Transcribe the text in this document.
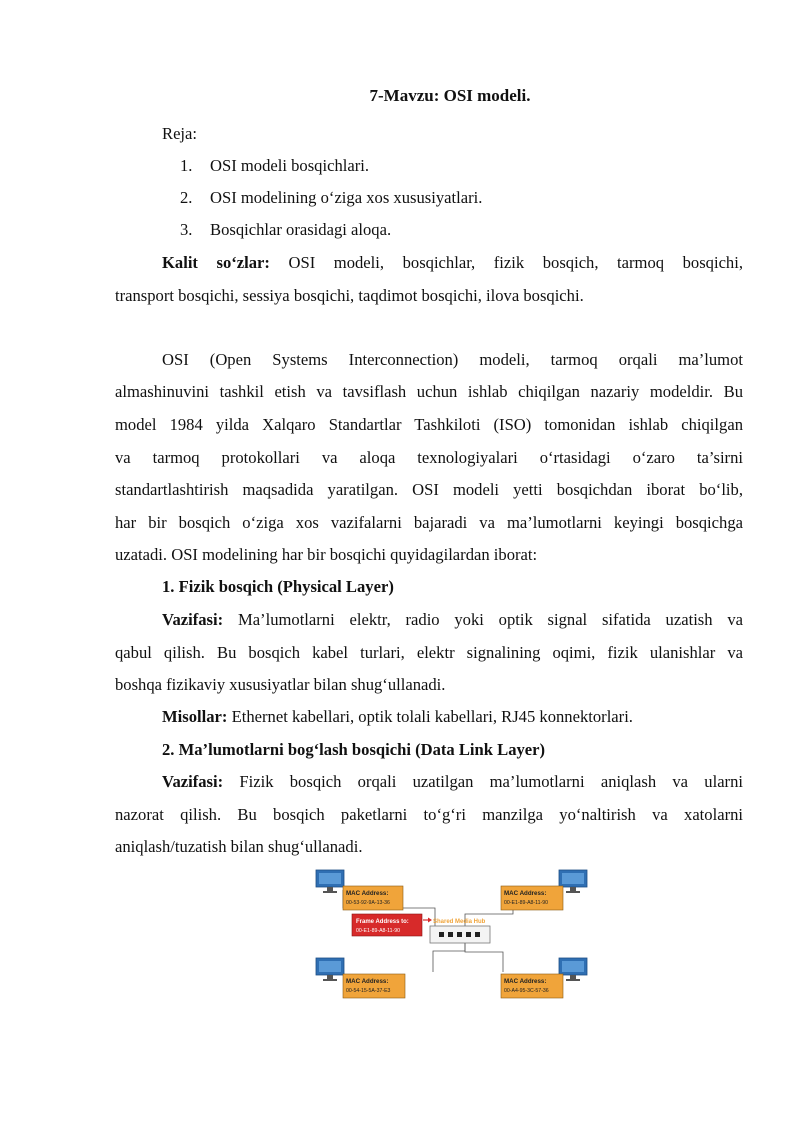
7-Mavzu: OSI modeli.
Reja:
1. OSI modeli bosqichlari.
2. OSI modelining o‘ziga xos xususiyatlari.
3. Bosqichlar orasidagi aloqa.
Kalit so‘zlar: OSI modeli, bosqichlar, fizik bosqich, tarmoq bosqichi,
transport bosqichi, sessiya bosqichi, taqdimot bosqichi, ilova bosqichi.
OSI (Open Systems Interconnection) modeli, tarmoq orqali ma’lumot
almashinuvini tashkil etish va tavsiflash uchun ishlab chiqilgan nazariy modeldir. Bu
model 1984 yilda Xalqaro Standartlar Tashkiloti (ISO) tomonidan ishlab chiqilgan
va tarmoq protokollari va aloqa texnologiyalari o‘rtasidagi o‘zaro ta’sirni
standartlashtirish maqsadida yaratilgan. OSI modeli yetti bosqichdan iborat bo‘lib,
har bir bosqich o‘ziga xos vazifalarni bajaradi va ma’lumotlarni keyingi bosqichga
uzatadi. OSI modelining har bir bosqichi quyidagilardan iborat:
1. Fizik bosqich (Physical Layer)
Vazifasi: Ma’lumotlarni elektr, radio yoki optik signal sifatida uzatish va
qabul qilish. Bu bosqich kabel turlari, elektr signalining oqimi, fizik ulanishlar va
boshqa fizikaviy xususiyatlar bilan shug‘ullanadi.
Misollar: Ethernet kabellari, optik tolali kabellari, RJ45 konnektorlari.
2. Ma’lumotlarni bog‘lash bosqichi (Data Link Layer)
Vazifasi: Fizik bosqich orqali uzatilgan ma’lumotlarni aniqlash va ularni
nazorat qilish. Bu bosqich paketlarni to‘g‘ri manzilga yo‘naltirish va xatolarni
aniqlash/tuzatish bilan shug‘ullanadi.
MAC Address:
00-53-92-9A-13-36
MAC Address:
00-E1-89-A8-11-90
Frame Address to:
00-E1-89-A8-11-90
Shared Media Hub
MAC Address:
00-54-15-5A-37-E3
MAC Address:
00-A4-95-3C-57-36
